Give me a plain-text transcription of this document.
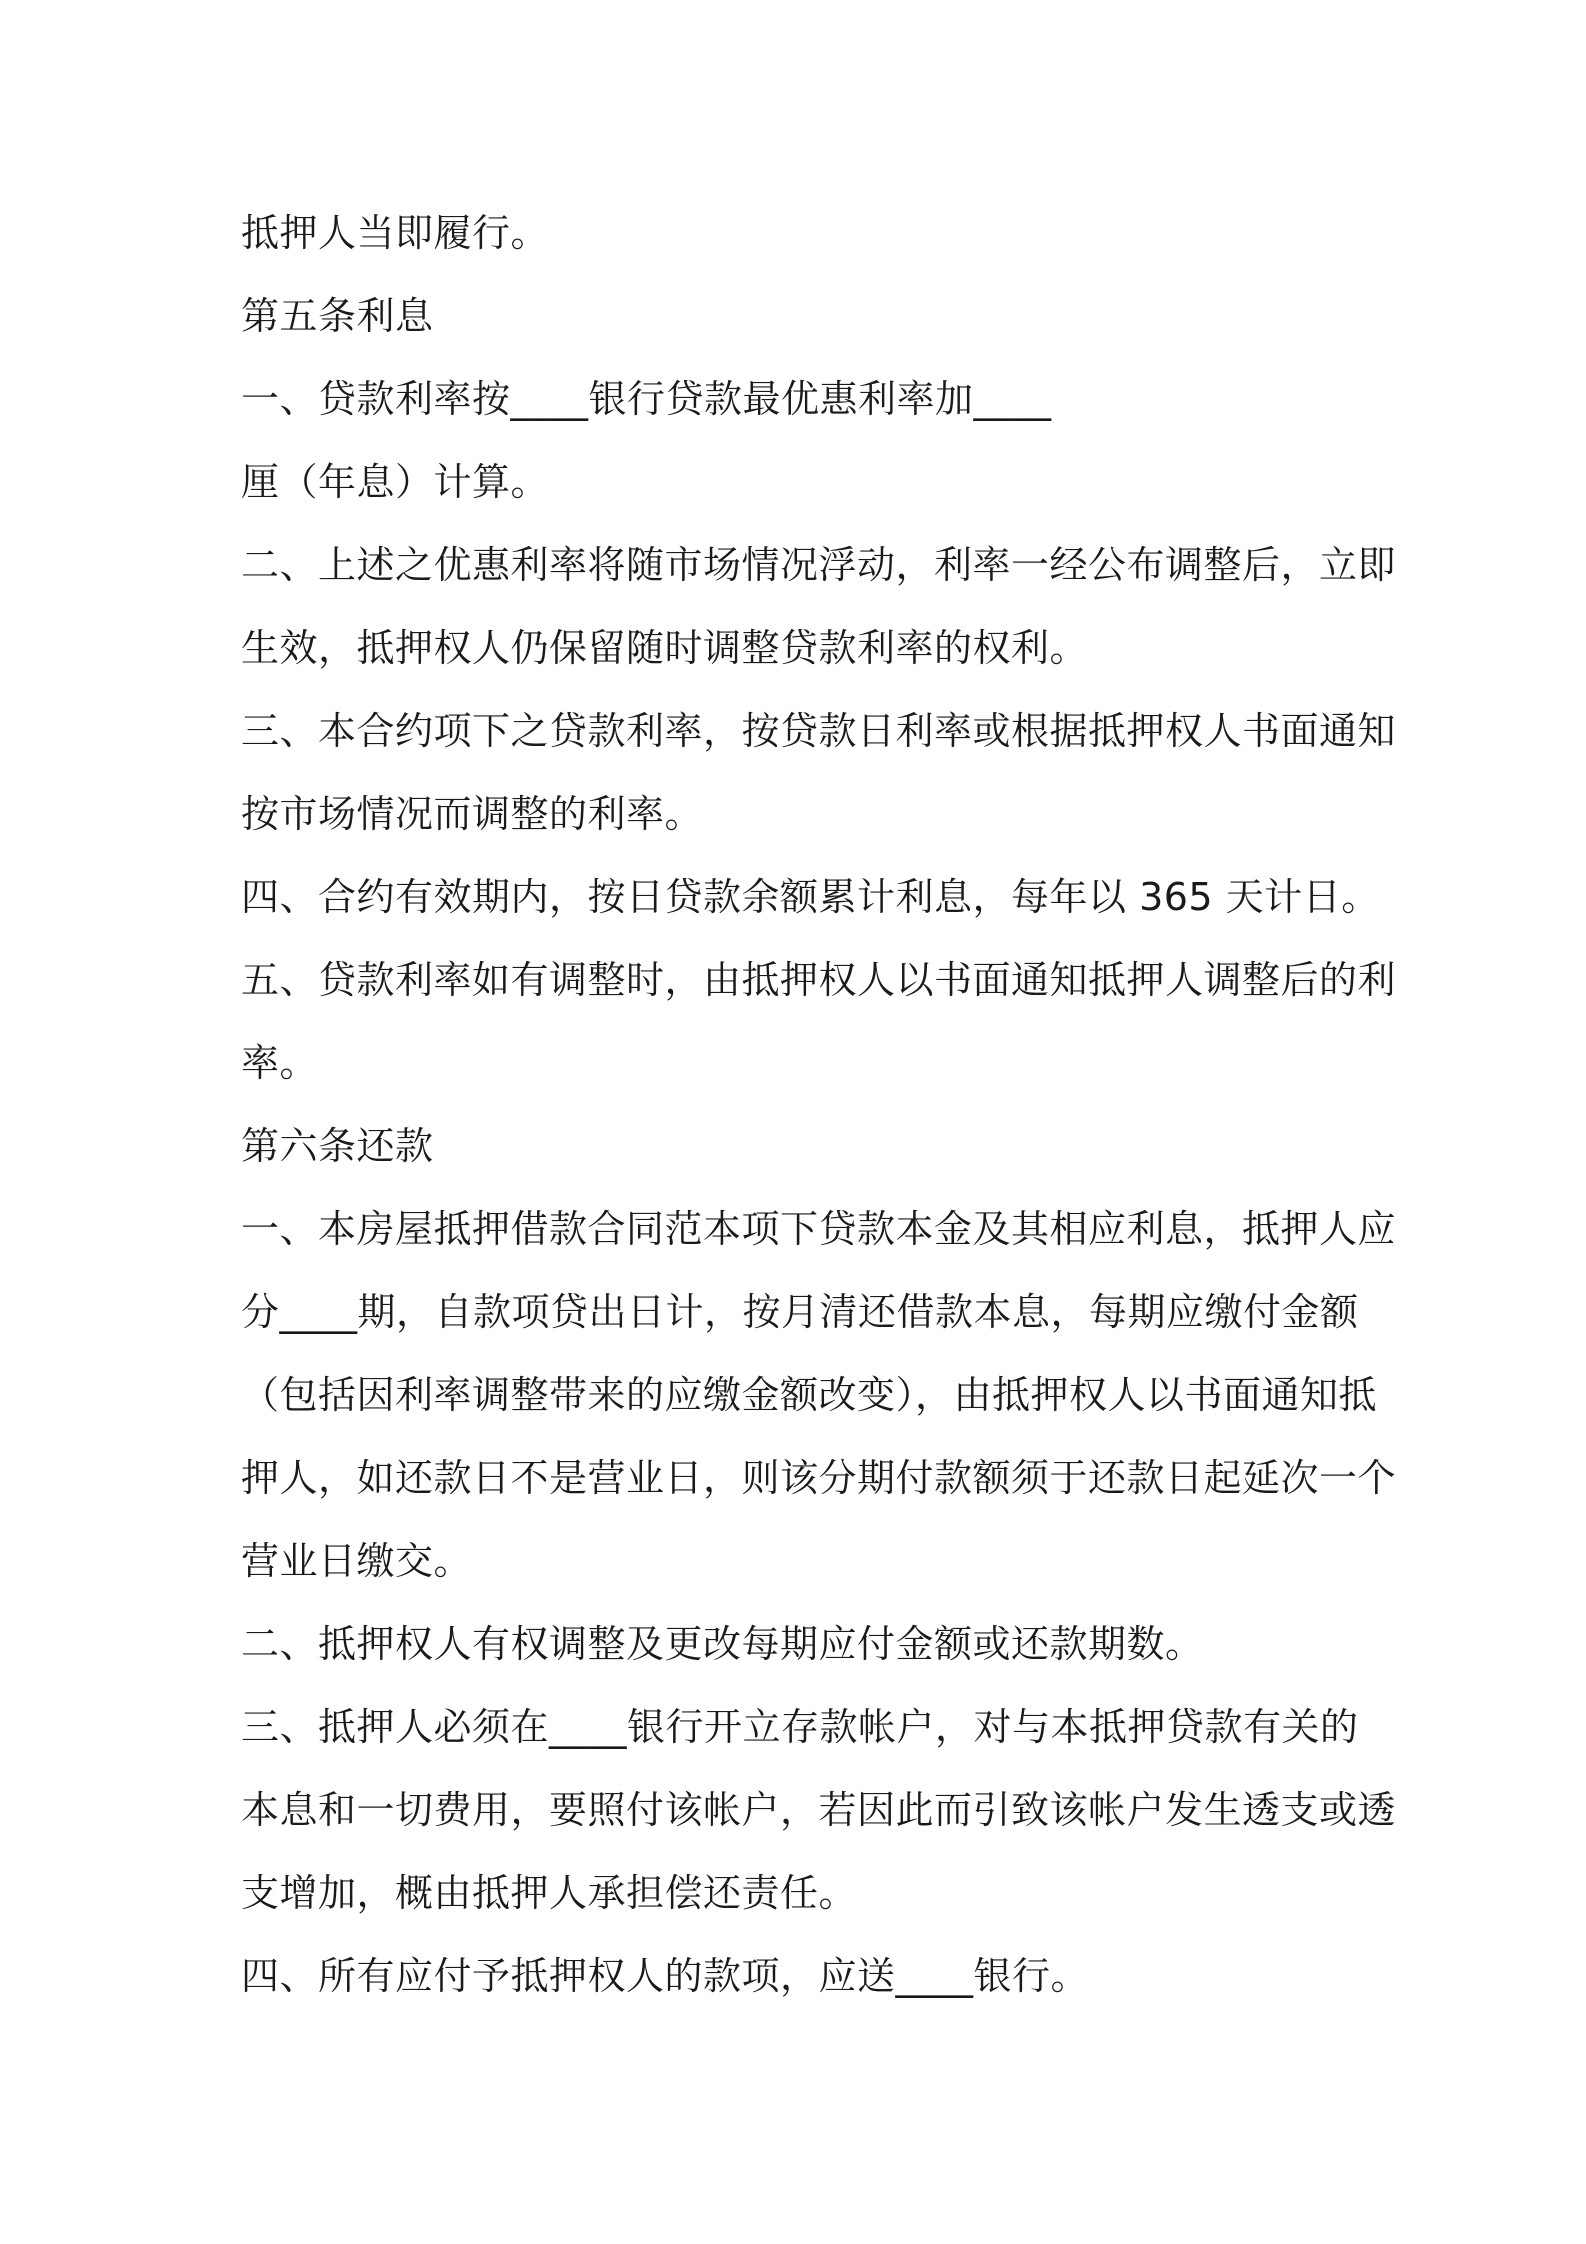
抵押人当即履行。
第五条利息
一、贷款利率按____银行贷款最优惠利率加____
厘（年息）计算。
二、上述之优惠利率将随市场情况浮动，利率一经公布调整后，立即
生效，抵押权人仍保留随时调整贷款利率的权利。
三、本合约项下之贷款利率，按贷款日利率或根据抵押权人书面通知
按市场情况而调整的利率。
四、合约有效期内，按日贷款余额累计利息，每年以 365 天计日。
五、贷款利率如有调整时，由抵押权人以书面通知抵押人调整后的利
率。
第六条还款
一、本房屋抵押借款合同范本项下贷款本金及其相应利息，抵押人应
分____期，自款项贷出日计，按月清还借款本息，每期应缴付金额
（包括因利率调整带来的应缴金额改变），由抵押权人以书面通知抵
押人，如还款日不是营业日，则该分期付款额须于还款日起延次一个
营业日缴交。
二、抵押权人有权调整及更改每期应付金额或还款期数。
三、抵押人必须在____银行开立存款帐户，对与本抵押贷款有关的
本息和一切费用，要照付该帐户，若因此而引致该帐户发生透支或透
支增加，概由抵押人承担偿还责任。
四、所有应付予抵押权人的款项，应送____银行。
